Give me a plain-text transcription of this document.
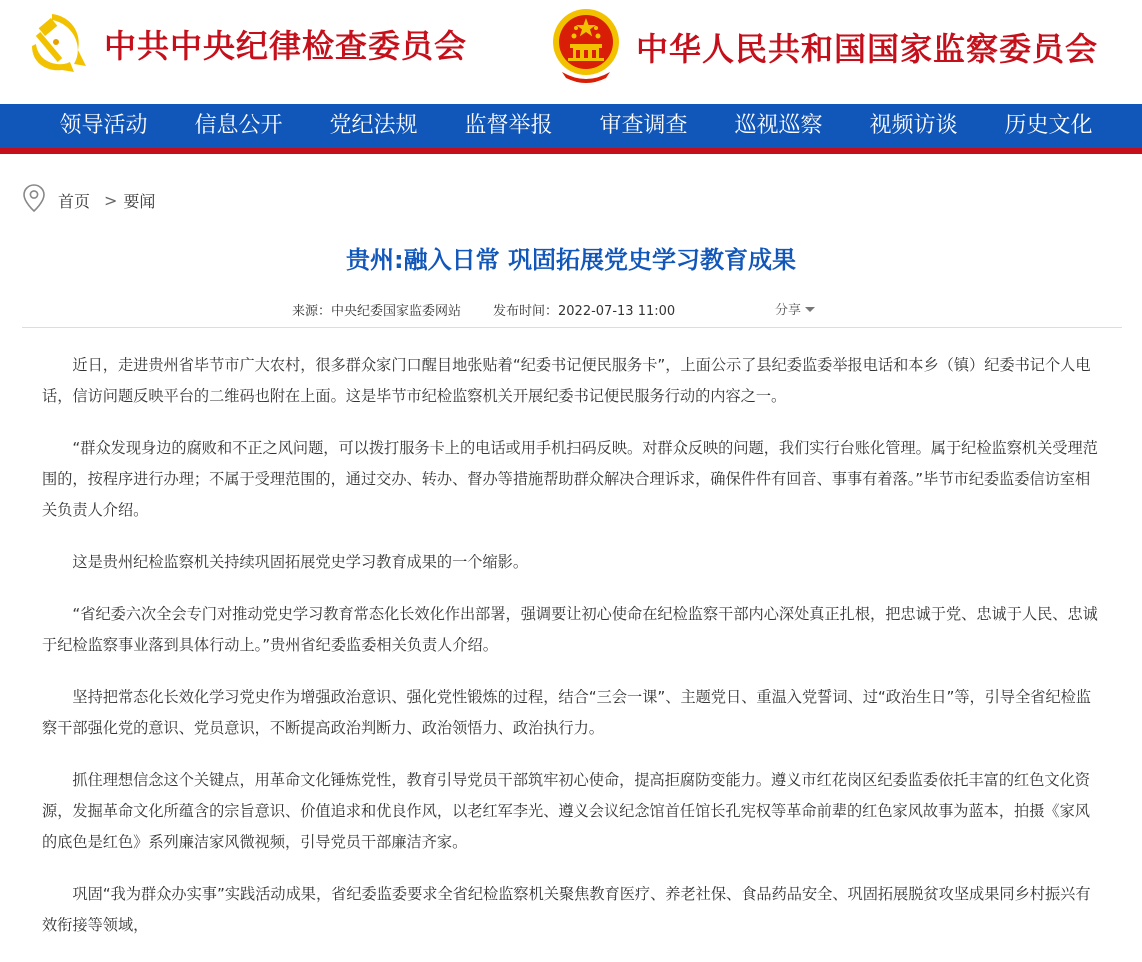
中共中央纪律检查委员会	中华人民共和国国家监察委员会
领导活动	信息公开	党纪法规	监督举报	审查调查	巡视巡察	视频访谈	历史文化
首页 > 要闻
贵州:融入日常 巩固拓展党史学习教育成果
来源：中央纪委国家监委网站 发布时间：2022-07-13 11:00	分享

近日，走进贵州省毕节市广大农村，很多群众家门口醒目地张贴着“纪委书记便民服务卡”，上面公示了县纪委监委举报电话和本乡（镇）纪委书记个人电话，信访问题反映平台的二维码也附在上面。这是毕节市纪检监察机关开展纪委书记便民服务行动的内容之一。

“群众发现身边的腐败和不正之风问题，可以拨打服务卡上的电话或用手机扫码反映。对群众反映的问题，我们实行台账化管理。属于纪检监察机关受理范围的，按程序进行办理；不属于受理范围的，通过交办、转办、督办等措施帮助群众解决合理诉求，确保件件有回音、事事有着落。”毕节市纪委监委信访室相关负责人介绍。

这是贵州纪检监察机关持续巩固拓展党史学习教育成果的一个缩影。

“省纪委六次全会专门对推动党史学习教育常态化长效化作出部署，强调要让初心使命在纪检监察干部内心深处真正扎根，把忠诚于党、忠诚于人民、忠诚于纪检监察事业落到具体行动上。”贵州省纪委监委相关负责人介绍。

坚持把常态化长效化学习党史作为增强政治意识、强化党性锻炼的过程，结合“三会一课”、主题党日、重温入党誓词、过“政治生日”等，引导全省纪检监察干部强化党的意识、党员意识，不断提高政治判断力、政治领悟力、政治执行力。

抓住理想信念这个关键点，用革命文化锤炼党性，教育引导党员干部筑牢初心使命，提高拒腐防变能力。遵义市红花岗区纪委监委依托丰富的红色文化资源，发掘革命文化所蕴含的宗旨意识、价值追求和优良作风，以老红军李光、遵义会议纪念馆首任馆长孔宪权等革命前辈的红色家风故事为蓝本，拍摄《家风的底色是红色》系列廉洁家风微视频，引导党员干部廉洁齐家。

巩固“我为群众办实事”实践活动成果，省纪委监委要求全省纪检监察机关聚焦教育医疗、养老社保、食品药品安全、巩固拓展脱贫攻坚成果同乡村振兴有效衔接等领域，
